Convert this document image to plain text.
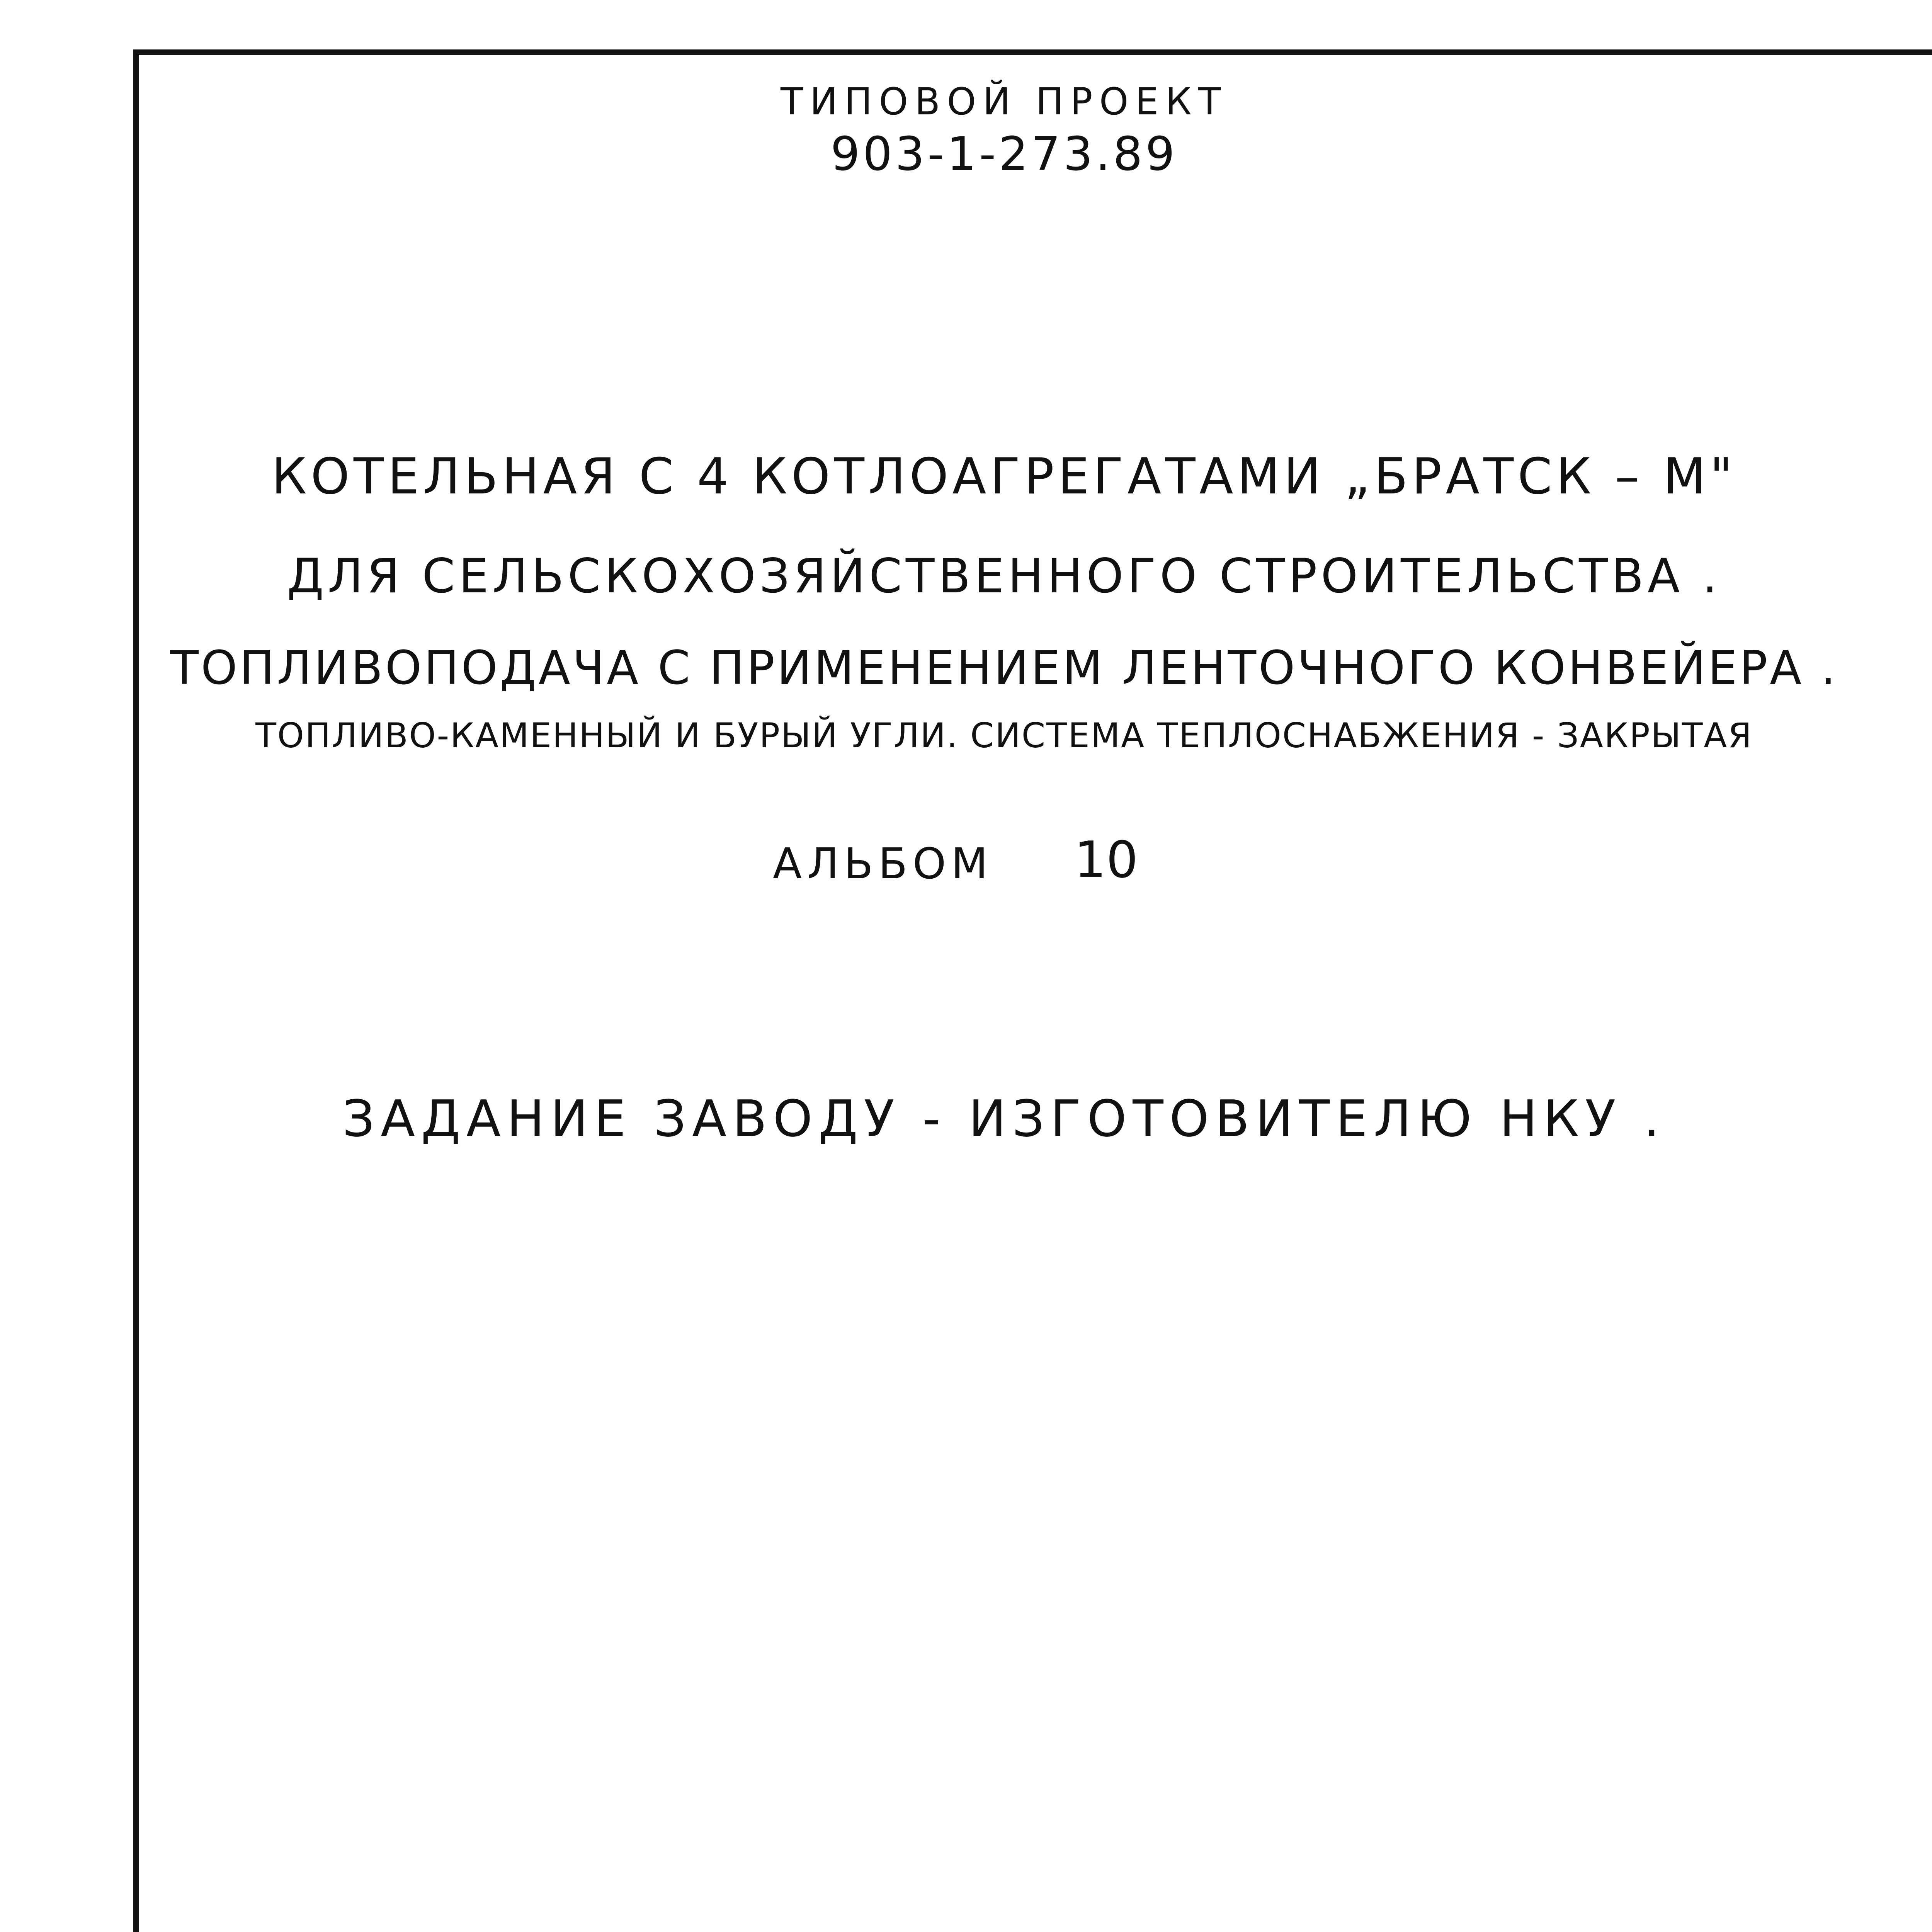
ТИПОВОЙ ПРОЕКТ
903-1-273.89
КОТЕЛЬНАЯ С 4 КОТЛОАГРЕГАТАМИ „БРАТСК – М"
ДЛЯ СЕЛЬСКОХОЗЯЙСТВЕННОГО СТРОИТЕЛЬСТВА .
ТОПЛИВОПОДАЧА С ПРИМЕНЕНИЕМ ЛЕНТОЧНОГО КОНВЕЙЕРА .
ТОПЛИВО-КАМЕННЫЙ И БУРЫЙ УГЛИ. СИСТЕМА ТЕПЛОСНАБЖЕНИЯ - ЗАКРЫТАЯ
АЛЬБОМ 10
ЗАДАНИЕ ЗАВОДУ - ИЗГОТОВИТЕЛЮ НКУ .
